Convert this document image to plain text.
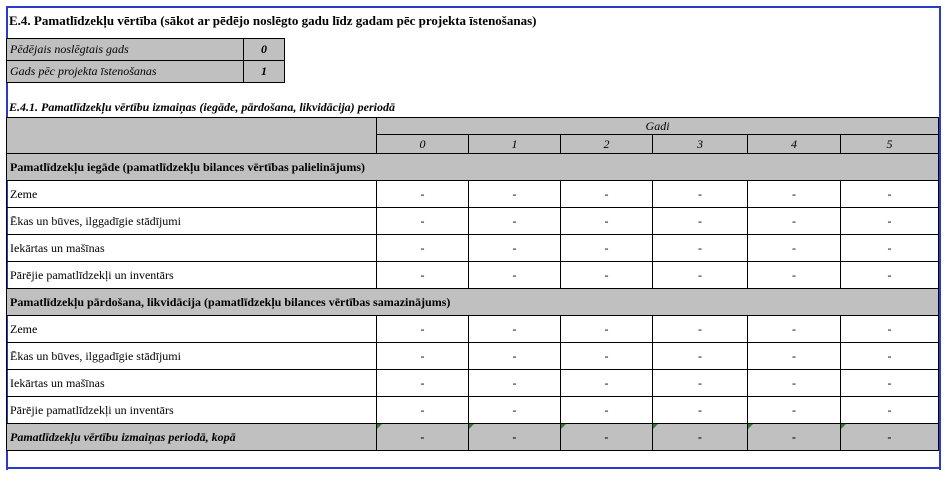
E.4. Pamatlīdzekļu vērtība (sākot ar pēdējo noslēgto gadu līdz gadam pēc projekta īstenošanas)
Pēdējais noslēgtais gads	0
Gads pēc projekta īstenošanas	1
E.4.1. Pamatlīdzekļu vērtību izmaiņas (iegāde, pārdošana, likvidācija) periodā
	Gadi					
	0	1	2	3	4	5
Pamatlīdzekļu iegāde (pamatlīdzekļu bilances vērtības palielinājums)						
Zeme	-	-	-	-	-	-
Ēkas un būves, ilggadīgie stādījumi	-	-	-	-	-	-
Iekārtas un mašīnas	-	-	-	-	-	-
Pārējie pamatlīdzekļi un inventārs	-	-	-	-	-	-
Pamatlīdzekļu pārdošana, likvidācija (pamatlīdzekļu bilances vērtības samazinājums)						
Zeme	-	-	-	-	-	-
Ēkas un būves, ilggadīgie stādījumi	-	-	-	-	-	-
Iekārtas un mašīnas	-	-	-	-	-	-
Pārējie pamatlīdzekļi un inventārs	-	-	-	-	-	-
Pamatlīdzekļu vērtību izmaiņas periodā, kopā	-	-	-	-	-	-
